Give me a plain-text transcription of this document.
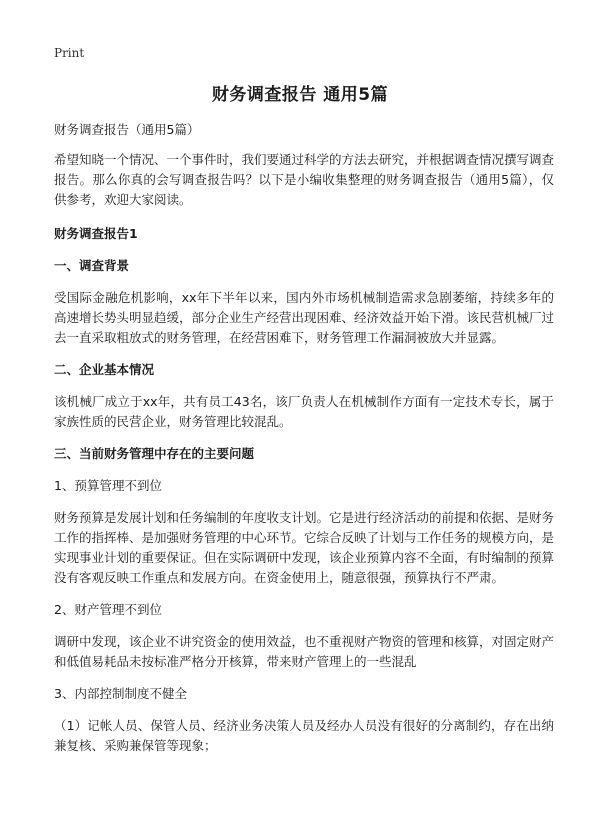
Print
财务调查报告 通用5篇

财务调查报告（通用5篇）

希望知晓一个情况、一个事件时，我们要通过科学的方法去研究，并根据调查情况撰写调查报告。那么你真的会写调查报告吗？以下是小编收集整理的财务调查报告（通用5篇），仅供参考，欢迎大家阅读。

财务调查报告1

一、调查背景

受国际金融危机影响，xx年下半年以来，国内外市场机械制造需求急剧萎缩，持续多年的高速增长势头明显趋缓，部分企业生产经营出现困难、经济效益开始下滑。该民营机械厂过去一直采取粗放式的财务管理，在经营困难下，财务管理工作漏洞被放大并显露。

二、企业基本情况

该机械厂成立于xx年，共有员工43名，该厂负责人在机械制作方面有一定技术专长，属于家族性质的民营企业，财务管理比较混乱。

三、当前财务管理中存在的主要问题

1、预算管理不到位

财务预算是发展计划和任务编制的年度收支计划。它是进行经济活动的前提和依据、是财务工作的指挥棒、是加强财务管理的中心环节。它综合反映了计划与工作任务的规模方向，是实现事业计划的重要保证。但在实际调研中发现，该企业预算内容不全面，有时编制的预算没有客观反映工作重点和发展方向。在资金使用上，随意很强，预算执行不严肃。

2、财产管理不到位

调研中发现，该企业不讲究资金的使用效益，也不重视财产物资的管理和核算，对固定财产和低值易耗品未按标准严格分开核算，带来财产管理上的一些混乱

3、内部控制制度不健全

（1）记帐人员、保管人员、经济业务决策人员及经办人员没有很好的分离制约，存在出纳兼复核、采购兼保管等现象；
